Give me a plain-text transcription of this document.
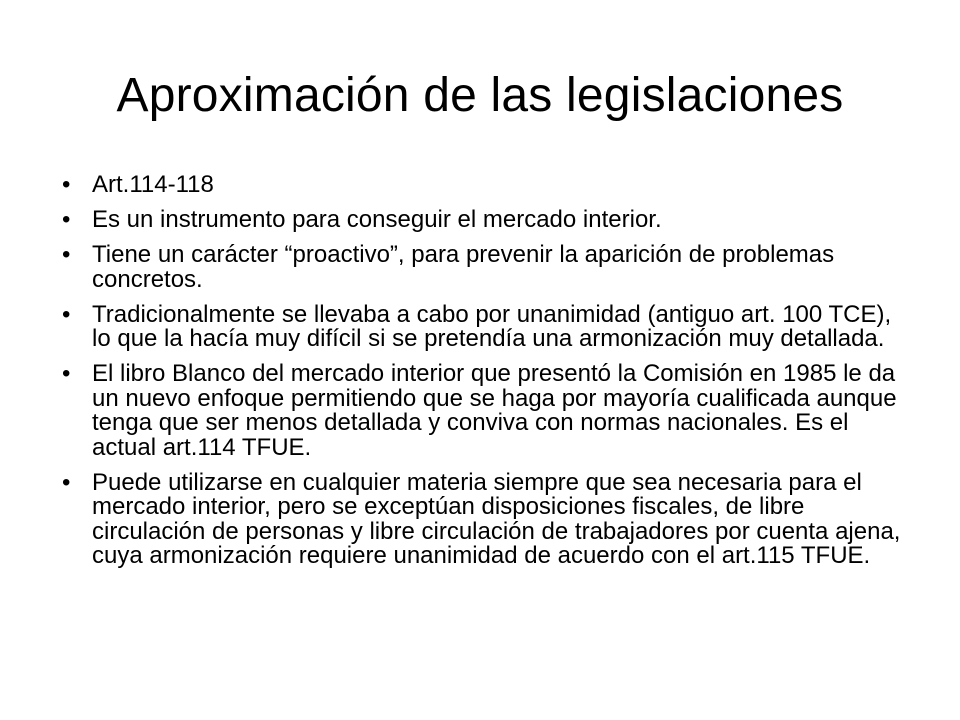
Aproximación de las legislaciones
• Art.114-118
• Es un instrumento para conseguir el mercado interior.
• Tiene un carácter “proactivo”, para prevenir la aparición de problemas concretos.
• Tradicionalmente se llevaba a cabo por unanimidad (antiguo art. 100 TCE), lo que la hacía muy difícil si se pretendía una armonización muy detallada.
• El libro Blanco del mercado interior que presentó la Comisión en 1985 le da un nuevo enfoque permitiendo que se haga por mayoría cualificada aunque tenga que ser menos detallada y conviva con normas nacionales. Es el actual art.114 TFUE.
• Puede utilizarse en cualquier materia siempre que sea necesaria para el mercado interior, pero se exceptúan disposiciones fiscales, de libre circulación de personas y libre circulación de trabajadores por cuenta ajena, cuya armonización requiere unanimidad de acuerdo con el art.115 TFUE.
